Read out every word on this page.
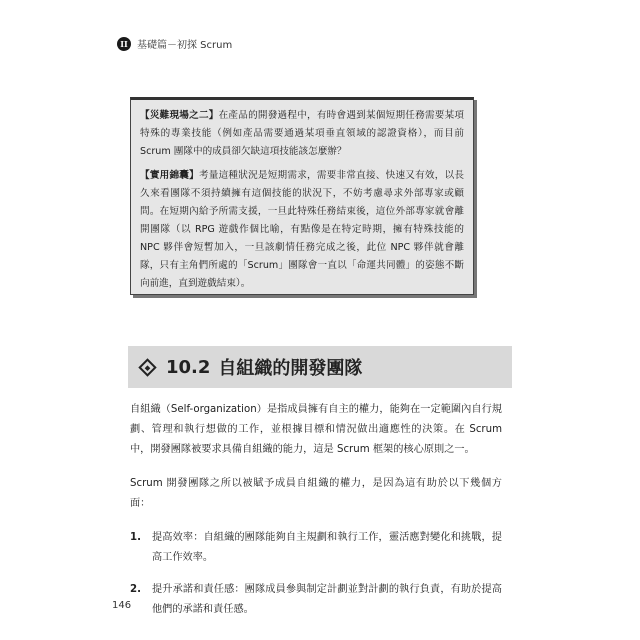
II 基礎篇－初探 Scrum

【災難現場之二】在產品的開發過程中，有時會遇到某個短期任務需要某項特殊的專業技能（例如產品需要通過某項垂直領域的認證資格），而目前 Scrum 團隊中的成員卻欠缺這項技能該怎麼辦？

【實用錦囊】考量這種狀況是短期需求，需要非常直接、快速又有效，以長久來看團隊不須持續擁有這個技能的狀況下，不妨考慮尋求外部專家或顧問。在短期內給予所需支援，一旦此特殊任務結束後，這位外部專家就會離開團隊（以 RPG 遊戲作個比喻，有點像是在特定時期，擁有特殊技能的 NPC 夥伴會短暫加入，一旦該劇情任務完成之後，此位 NPC 夥伴就會離隊，只有主角們所處的「Scrum」團隊會一直以「命運共同體」的姿態不斷向前進，直到遊戲結束）。

10.2 自組織的開發團隊

自組織（Self-organization）是指成員擁有自主的權力，能夠在一定範圍內自行規劃、管理和執行想做的工作，並根據目標和情況做出適應性的決策。在 Scrum 中，開發團隊被要求具備自組織的能力，這是 Scrum 框架的核心原則之一。

Scrum 開發團隊之所以被賦予成員自組織的權力，是因為這有助於以下幾個方面：

1.	提高效率：自組織的團隊能夠自主規劃和執行工作，靈活應對變化和挑戰，提高工作效率。
2.	提升承諾和責任感：團隊成員參與制定計劃並對計劃的執行負責，有助於提高他們的承諾和責任感。
146
